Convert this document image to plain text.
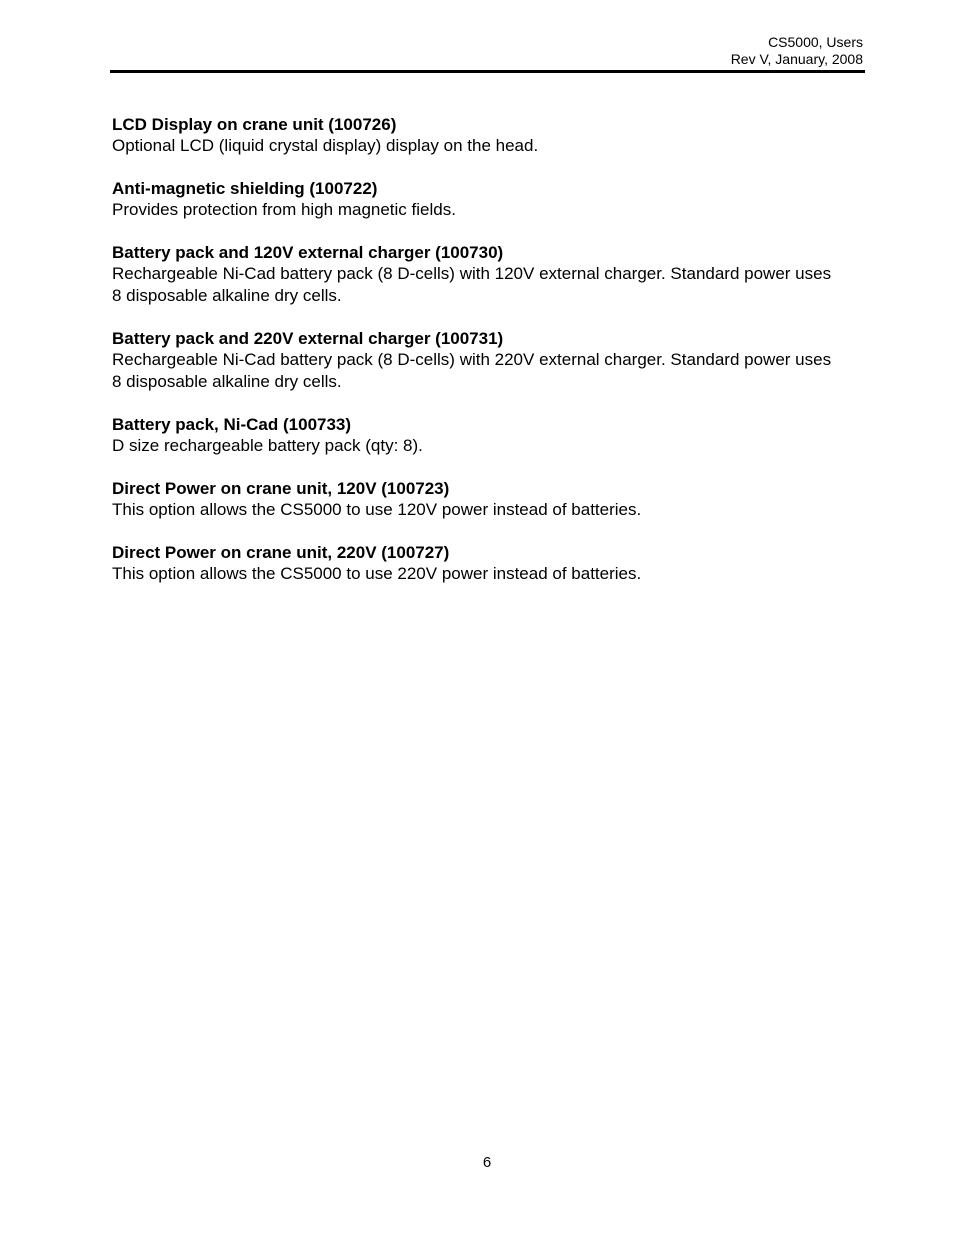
CS5000, Users
Rev V, January, 2008

LCD Display on crane unit (100726)

Optional LCD (liquid crystal display) display on the head.

Anti-magnetic shielding (100722)

Provides protection from high magnetic fields.

Battery pack and 120V external charger (100730)

Rechargeable Ni-Cad battery pack (8 D-cells) with 120V external charger. Standard power uses 8 disposable alkaline dry cells.

Battery pack and 220V external charger (100731)

Rechargeable Ni-Cad battery pack (8 D-cells) with 220V external charger. Standard power uses 8 disposable alkaline dry cells.

Battery pack, Ni-Cad (100733)

D size rechargeable battery pack (qty: 8).

Direct Power on crane unit, 120V (100723)

This option allows the CS5000 to use 120V power instead of batteries.

Direct Power on crane unit, 220V (100727)

This option allows the CS5000 to use 220V power instead of batteries.

6
